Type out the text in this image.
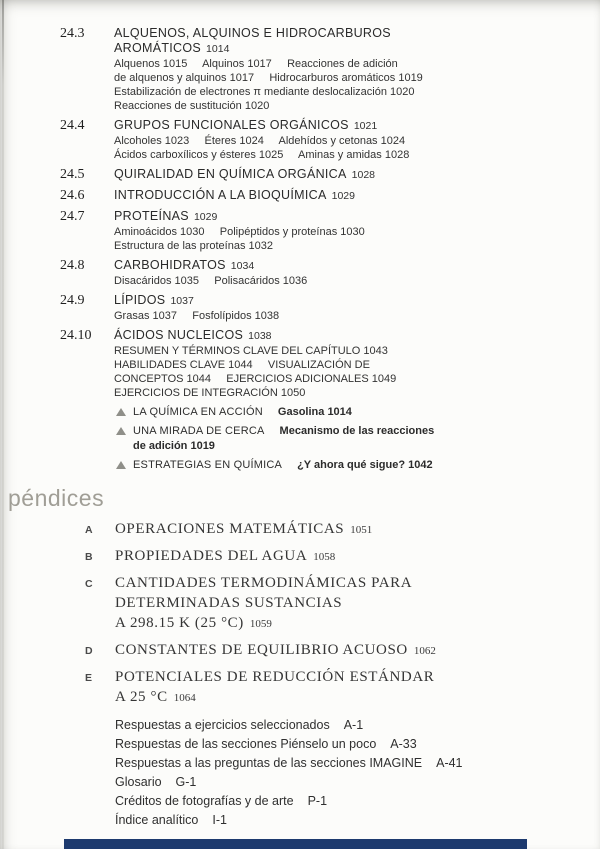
24.3	ALQUENOS, ALQUINOS E HIDROCARBUROS
AROMÁTICOS 1014
Alquenos 1015     Alquinos 1017     Reacciones de adición
de alquenos y alquinos 1017     Hidrocarburos aromáticos 1019
Estabilización de electrones π mediante deslocalización 1020
Reacciones de sustitución 1020
24.4	GRUPOS FUNCIONALES ORGÁNICOS 1021
Alcoholes 1023     Éteres 1024     Aldehídos y cetonas 1024
Ácidos carboxílicos y ésteres 1025     Aminas y amidas 1028
24.5	QUIRALIDAD EN QUÍMICA ORGÁNICA 1028
24.6	INTRODUCCIÓN A LA BIOQUÍMICA 1029
24.7	PROTEÍNAS 1029
Aminoácidos 1030     Polipéptidos y proteínas 1030
Estructura de las proteínas 1032
24.8	CARBOHIDRATOS 1034
Disacáridos 1035     Polisacáridos 1036
24.9	LÍPIDOS 1037
Grasas 1037     Fosfolípidos 1038
24.10	ÁCIDOS NUCLEICOS 1038
RESUMEN Y TÉRMINOS CLAVE DEL CAPÍTULO 1043
HABILIDADES CLAVE 1044     VISUALIZACIÓN DE
CONCEPTOS 1044     EJERCICIOS ADICIONALES 1049
EJERCICIOS DE INTEGRACIÓN 1050
LA QUÍMICA EN ACCIÓN Gasolina 1014
UNA MIRADA DE CERCA Mecanismo de las reacciones
de adición 1019
ESTRATEGIAS EN QUÍMICA ¿Y ahora qué sigue? 1042
péndices
A	OPERACIONES MATEMÁTICAS 1051
B	PROPIEDADES DEL AGUA 1058
C	CANTIDADES TERMODINÁMICAS PARA
DETERMINADAS SUSTANCIAS
A 298.15 K (25 °C) 1059
D	CONSTANTES DE EQUILIBRIO ACUOSO 1062
E	POTENCIALES DE REDUCCIÓN ESTÁNDAR
A 25 °C 1064
Respuestas a ejercicios seleccionados A-1
Respuestas de las secciones Piénselo un poco A-33
Respuestas a las preguntas de las secciones IMAGINE A-41
Glosario G-1
Créditos de fotografías y de arte P-1
Índice analítico I-1
